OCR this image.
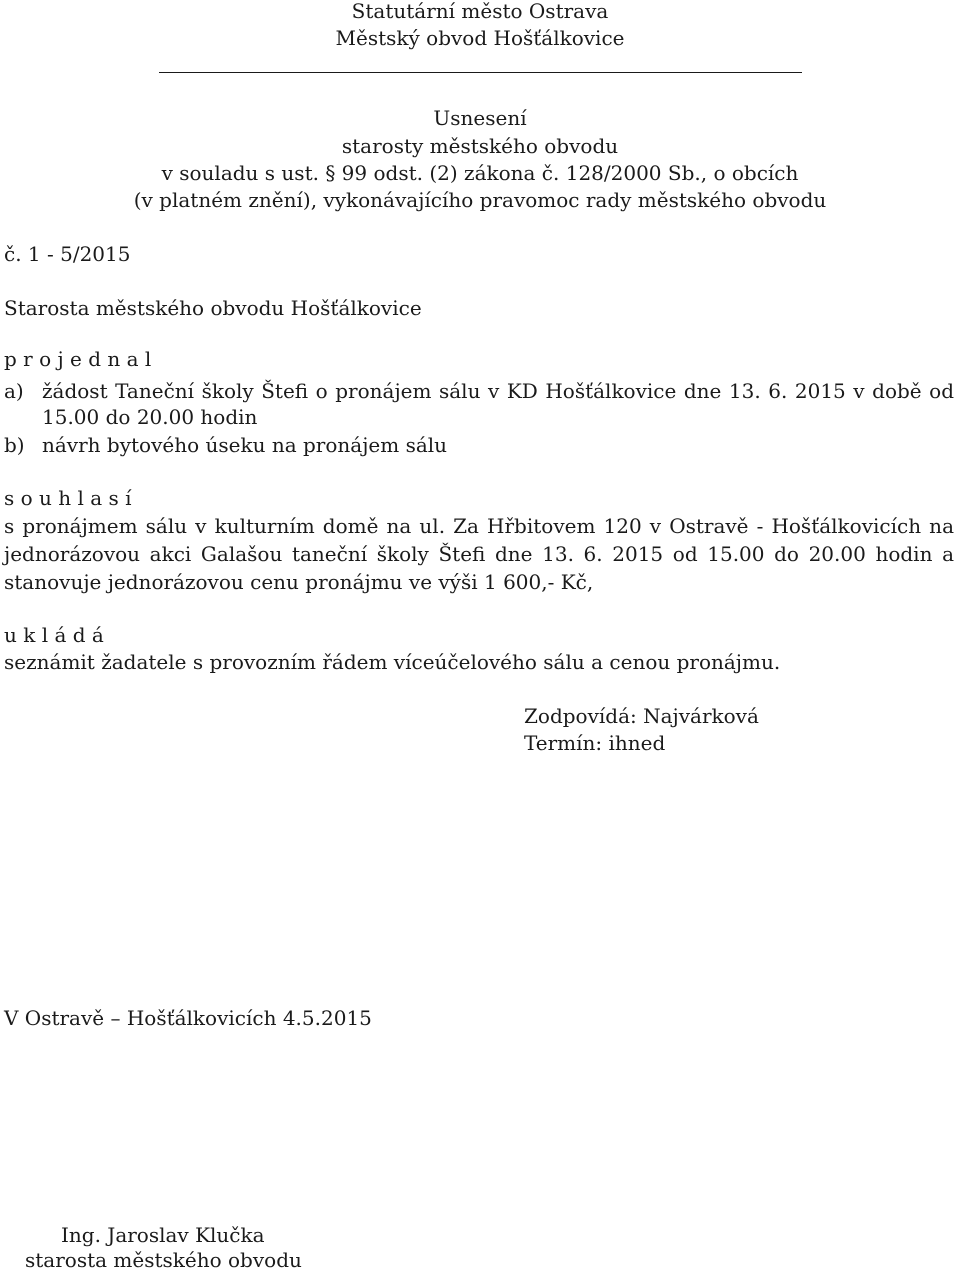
Statutární město Ostrava
Městský obvod Hošťálkovice
Usnesení
starosty městského obvodu
v souladu s ust. § 99 odst. (2) zákona č. 128/2000 Sb., o obcích
(v platném znění), vykonávajícího pravomoc rady městského obvodu
č. 1 - 5/2015
Starosta městského obvodu Hošťálkovice
p r o j e d n a l
a) žádost Taneční školy Štefi o pronájem sálu v KD Hošťálkovice dne 13. 6. 2015 v době od
15.00 do 20.00 hodin
b) návrh bytového úseku na pronájem sálu
s o u h l a s í
s pronájmem sálu v kulturním domě na ul. Za Hřbitovem 120 v Ostravě - Hošťálkovicích na
jednorázovou akci Galašou taneční školy Štefi dne 13. 6. 2015 od 15.00 do 20.00 hodin a
stanovuje jednorázovou cenu pronájmu ve výši 1 600,- Kč,
u k l á d á
seznámit žadatele s provozním řádem víceúčelového sálu a cenou pronájmu.
Zodpovídá: Najvárková
Termín: ihned
V Ostravě – Hošťálkovicích 4.5.2015
Ing. Jaroslav Klučka
starosta městského obvodu
